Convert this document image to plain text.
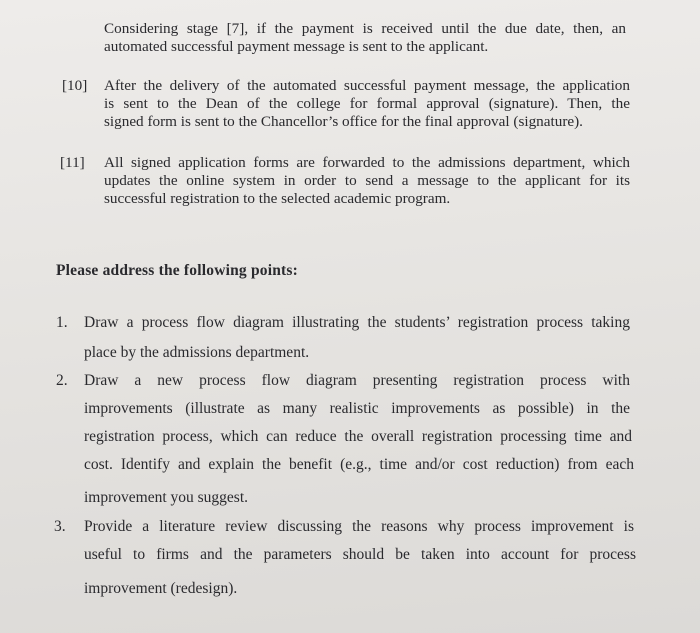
Considering stage [7], if the payment is received until the due date, then, an
automated successful payment message is sent to the applicant.
[10] After the delivery of the automated successful payment message, the application
is sent to the Dean of the college for formal approval (signature). Then, the
signed form is sent to the Chancellor’s office for the final approval (signature).
[11] All signed application forms are forwarded to the admissions department, which
updates the online system in order to send a message to the applicant for its
successful registration to the selected academic program.
Please address the following points:
1. Draw a process flow diagram illustrating the students’ registration process taking
place by the admissions department.
2. Draw a new process flow diagram presenting registration process with
improvements (illustrate as many realistic improvements as possible) in the
registration process, which can reduce the overall registration processing time and
cost. Identify and explain the benefit (e.g., time and/or cost reduction) from each
improvement you suggest.
3. Provide a literature review discussing the reasons why process improvement is
useful to firms and the parameters should be taken into account for process
improvement (redesign).
